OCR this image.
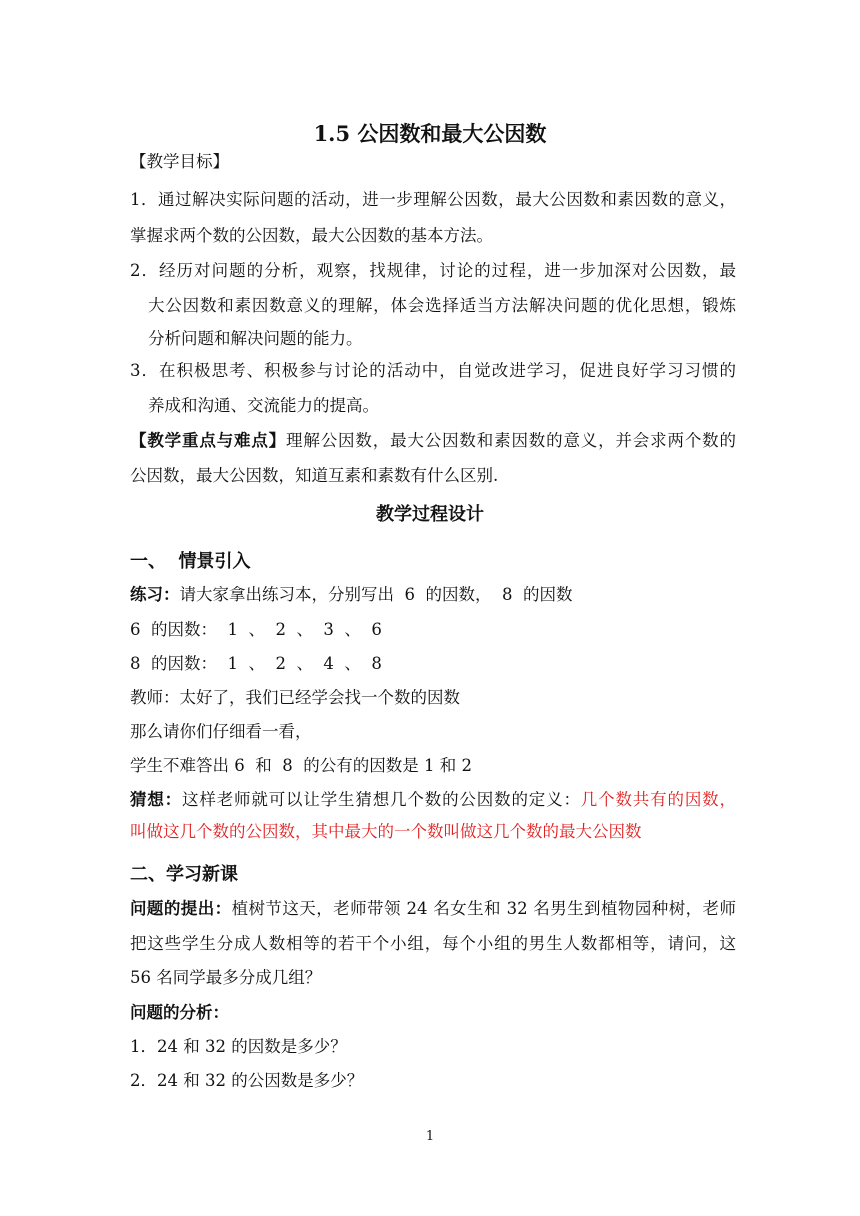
1.5 公因数和最大公因数
【教学目标】
1．通过解决实际问题的活动，进一步理解公因数，最大公因数和素因数的意义，
掌握求两个数的公因数，最大公因数的基本方法。
2．经历对问题的分析，观察，找规律，讨论的过程，进一步加深对公因数，最
大公因数和素因数意义的理解，体会选择适当方法解决问题的优化思想，锻炼
分析问题和解决问题的能力。
3．在积极思考、积极参与讨论的活动中，自觉改进学习，促进良好学习习惯的
养成和沟通、交流能力的提高。
【教学重点与难点】理解公因数，最大公因数和素因数的意义，并会求两个数的
公因数，最大公因数，知道互素和素数有什么区别.
教学过程设计
一、  情景引入
练习：请大家拿出练习本，分别写出  6  的因数，  8  的因数
6  的因数：  1  、  2  、  3  、  6
8  的因数：  1  、  2  、  4  、  8
教师：太好了，我们已经学会找一个数的因数
那么请你们仔细看一看，
学生不难答出 6  和  8  的公有的因数是 1 和 2
猜想：这样老师就可以让学生猜想几个数的公因数的定义：几个数共有的因数，
叫做这几个数的公因数，其中最大的一个数叫做这几个数的最大公因数
二、学习新课
问题的提出：植树节这天，老师带领 24 名女生和 32 名男生到植物园种树，老师
把这些学生分成人数相等的若干个小组，每个小组的男生人数都相等，请问，这
56 名同学最多分成几组？
问题的分析：
1．24 和 32 的因数是多少？
2．24 和 32 的公因数是多少？
1
